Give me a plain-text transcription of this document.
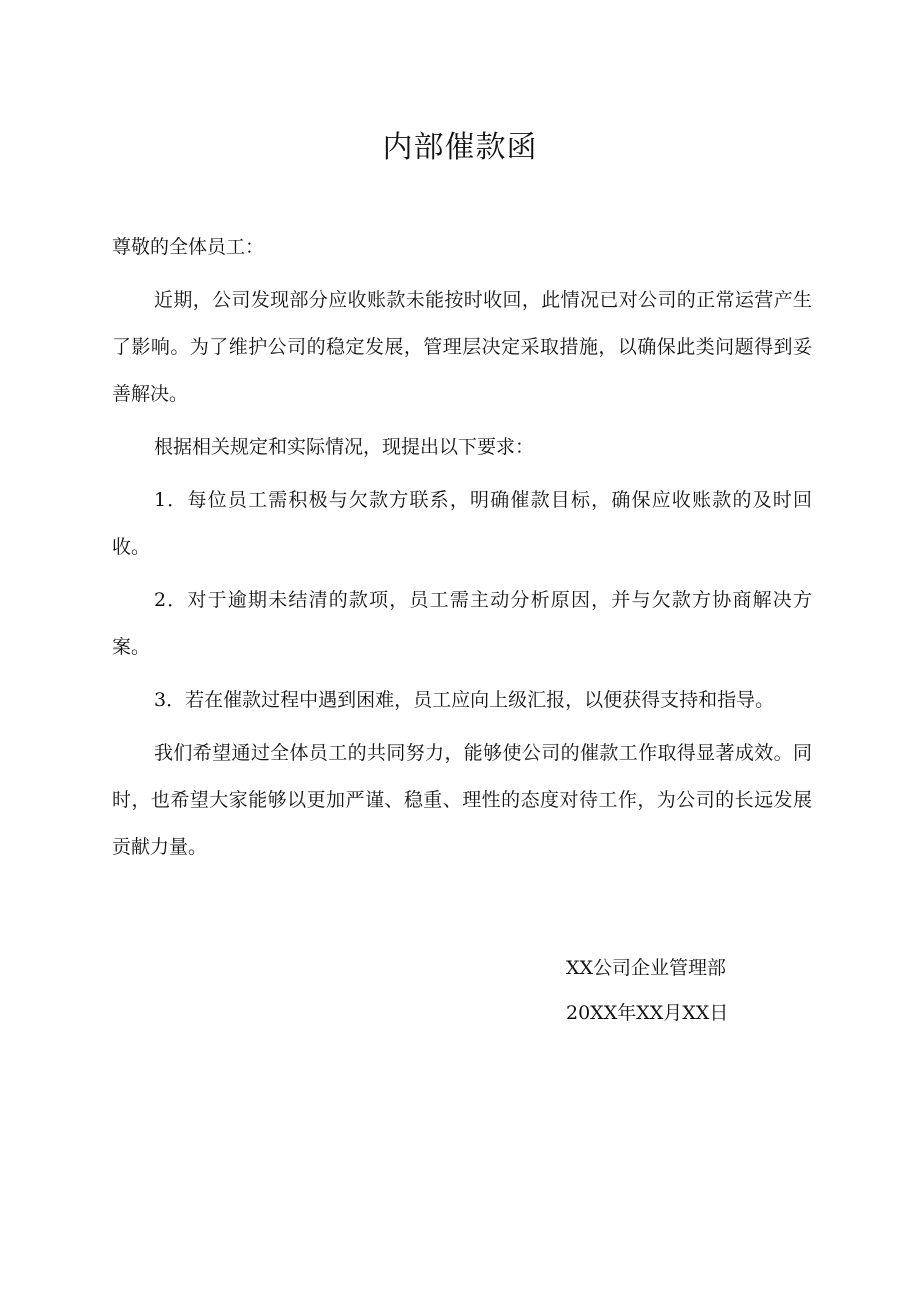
内部催款函

尊敬的全体员工：

近期，公司发现部分应收账款未能按时收回，此情况已对公司的正常运营产生了影响。为了维护公司的稳定发展，管理层决定采取措施，以确保此类问题得到妥善解决。

根据相关规定和实际情况，现提出以下要求：

1．每位员工需积极与欠款方联系，明确催款目标，确保应收账款的及时回收。

2．对于逾期未结清的款项，员工需主动分析原因，并与欠款方协商解决方案。

3．若在催款过程中遇到困难，员工应向上级汇报，以便获得支持和指导。

我们希望通过全体员工的共同努力，能够使公司的催款工作取得显著成效。同时，也希望大家能够以更加严谨、稳重、理性的态度对待工作，为公司的长远发展贡献力量。

XX公司企业管理部
20XX年XX月XX日
